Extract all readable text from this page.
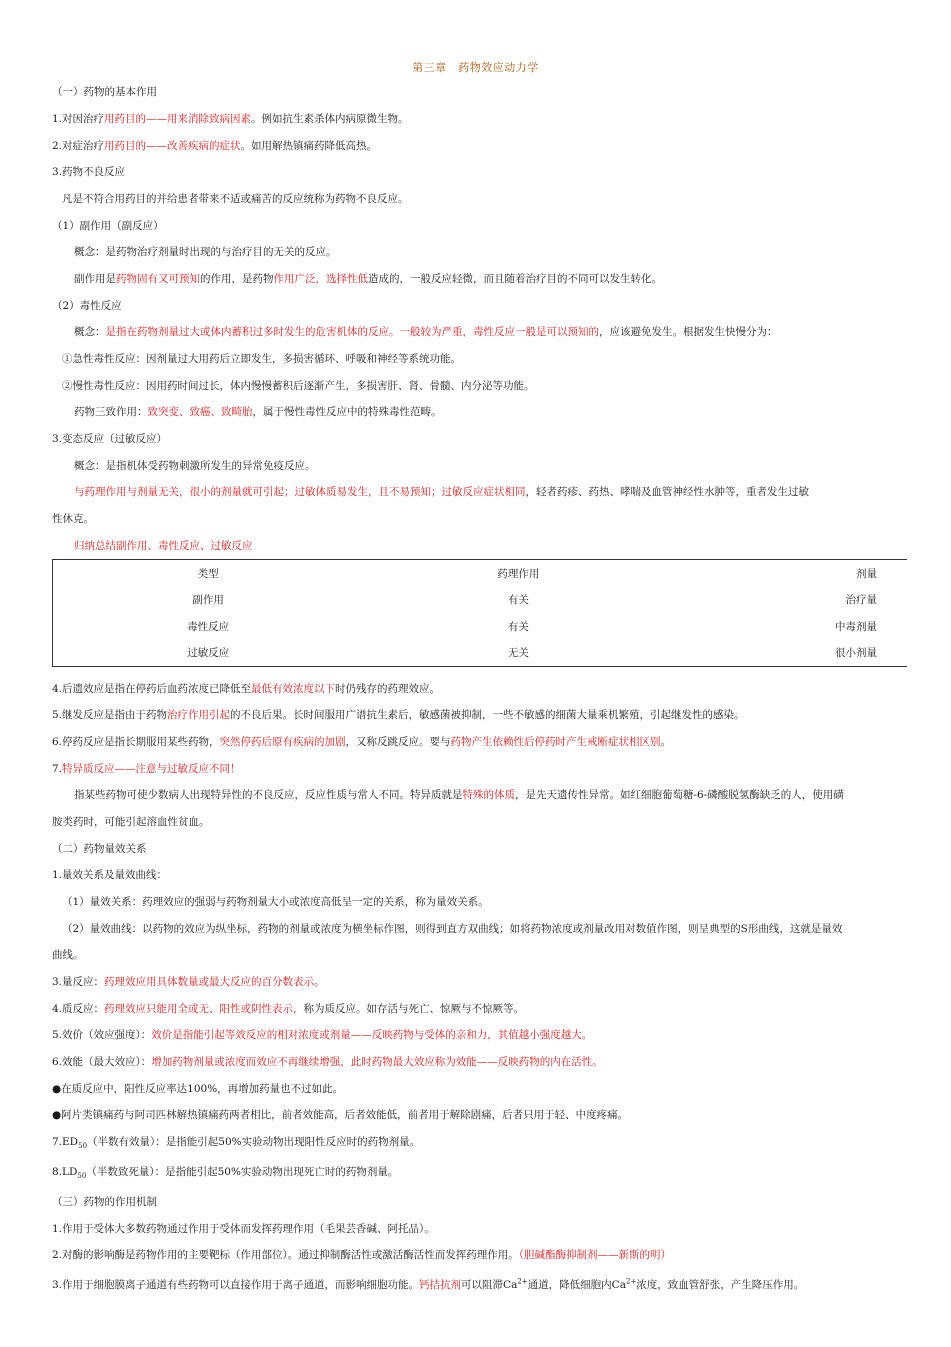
第三章　药物效应动力学
（一）药物的基本作用
1.对因治疗用药目的——用来消除致病因素。例如抗生素杀体内病原微生物。
2.对症治疗用药目的——改善疾病的症状。如用解热镇痛药降低高热。
3.药物不良反应
凡是不符合用药目的并给患者带来不适或痛苦的反应统称为药物不良反应。
（1）副作用（副反应）
概念：是药物治疗剂量时出现的与治疗目的无关的反应。
副作用是药物固有又可预知的作用，是药物作用广泛，选择性低造成的，一般反应轻微，而且随着治疗目的不同可以发生转化。
（2）毒性反应
概念：是指在药物剂量过大或体内蓄积过多时发生的危害机体的反应。一般较为严重，毒性反应一般是可以预知的，应该避免发生。根据发生快慢分为：
①急性毒性反应：因剂量过大用药后立即发生，多损害循环、呼吸和神经等系统功能。
②慢性毒性反应：因用药时间过长，体内慢慢蓄积后逐渐产生，多损害肝、肾、骨髓、内分泌等功能。
药物三致作用：致突变、致癌、致畸胎，属于慢性毒性反应中的特殊毒性范畴。
3.变态反应（过敏反应）
概念：是指机体受药物刺激所发生的异常免疫反应。
与药理作用与剂量无关，很小的剂量就可引起；过敏体质易发生，且不易预知；过敏反应症状相同，轻者药疹、药热、哮喘及血管神经性水肿等，重者发生过敏
性休克。
归纳总结副作用、毒性反应、过敏反应
类型	药理作用	剂量
副作用	有关	治疗量
毒性反应	有关	中毒剂量
过敏反应	无关	很小剂量
4.后遗效应是指在停药后血药浓度已降低至最低有效浓度以下时仍残存的药理效应。
5.继发反应是指由于药物治疗作用引起的不良后果。长时间服用广谱抗生素后，敏感菌被抑制，一些不敏感的细菌大量乘机繁殖，引起继发性的感染。
6.停药反应是指长期服用某些药物，突然停药后原有疾病的加剧，又称反跳反应。要与药物产生依赖性后停药时产生戒断症状相区别。
7.特异质反应——注意与过敏反应不同！
指某些药物可使少数病人出现特异性的不良反应，反应性质与常人不同。特异质就是特殊的体质，是先天遗传性异常。如红细胞葡萄糖-6-磷酸脱氢酶缺乏的人，使用磺
胺类药时，可能引起溶血性贫血。
（二）药物量效关系
1.量效关系及量效曲线：
（1）量效关系：药理效应的强弱与药物剂量大小或浓度高低呈一定的关系，称为量效关系。
（2）量效曲线：以药物的效应为纵坐标，药物的剂量或浓度为横坐标作图，则得到直方双曲线；如将药物浓度或剂量改用对数值作图，则呈典型的S形曲线，这就是量效
曲线。
3.量反应：药理效应用具体数量或最大反应的百分数表示。
4.质反应：药理效应只能用全或无、阳性或阴性表示，称为质反应。如存活与死亡、惊厥与不惊厥等。
5.效价（效应强度）：效价是指能引起等效反应的相对浓度或剂量——反映药物与受体的亲和力，其值越小强度越大。
6.效能（最大效应）：增加药物剂量或浓度而效应不再继续增强，此时药物最大效应称为效能——反映药物的内在活性。
●在质反应中，阳性反应率达100%，再增加药量也不过如此。
●阿片类镇痛药与阿司匹林解热镇痛药两者相比，前者效能高，后者效能低，前者用于解除剧痛，后者只用于轻、中度疼痛。
$7.ED_{50}$（半数有效量）：是指能引起50%实验动物出现阳性反应时的药物剂量。
$8.LD_{50}$（半数致死量）：是指能引起50%实验动物出现死亡时的药物剂量。
（三）药物的作用机制
1.作用于受体大多数药物通过作用于受体而发挥药理作用（毛果芸香碱、阿托品）。
2.对酶的影响酶是药物作用的主要靶标（作用部位）。通过抑制酶活性或激活酶活性而发挥药理作用。（胆碱酯酶抑制剂——新斯的明）
3.作用于细胞膜离子通道有些药物可以直接作用于离子通道，而影响细胞功能。钙拮抗剂可以阻滞$Ca^{2+}$通道，降低细胞内$Ca^{2+}$浓度，致血管舒张，产生降压作用。
